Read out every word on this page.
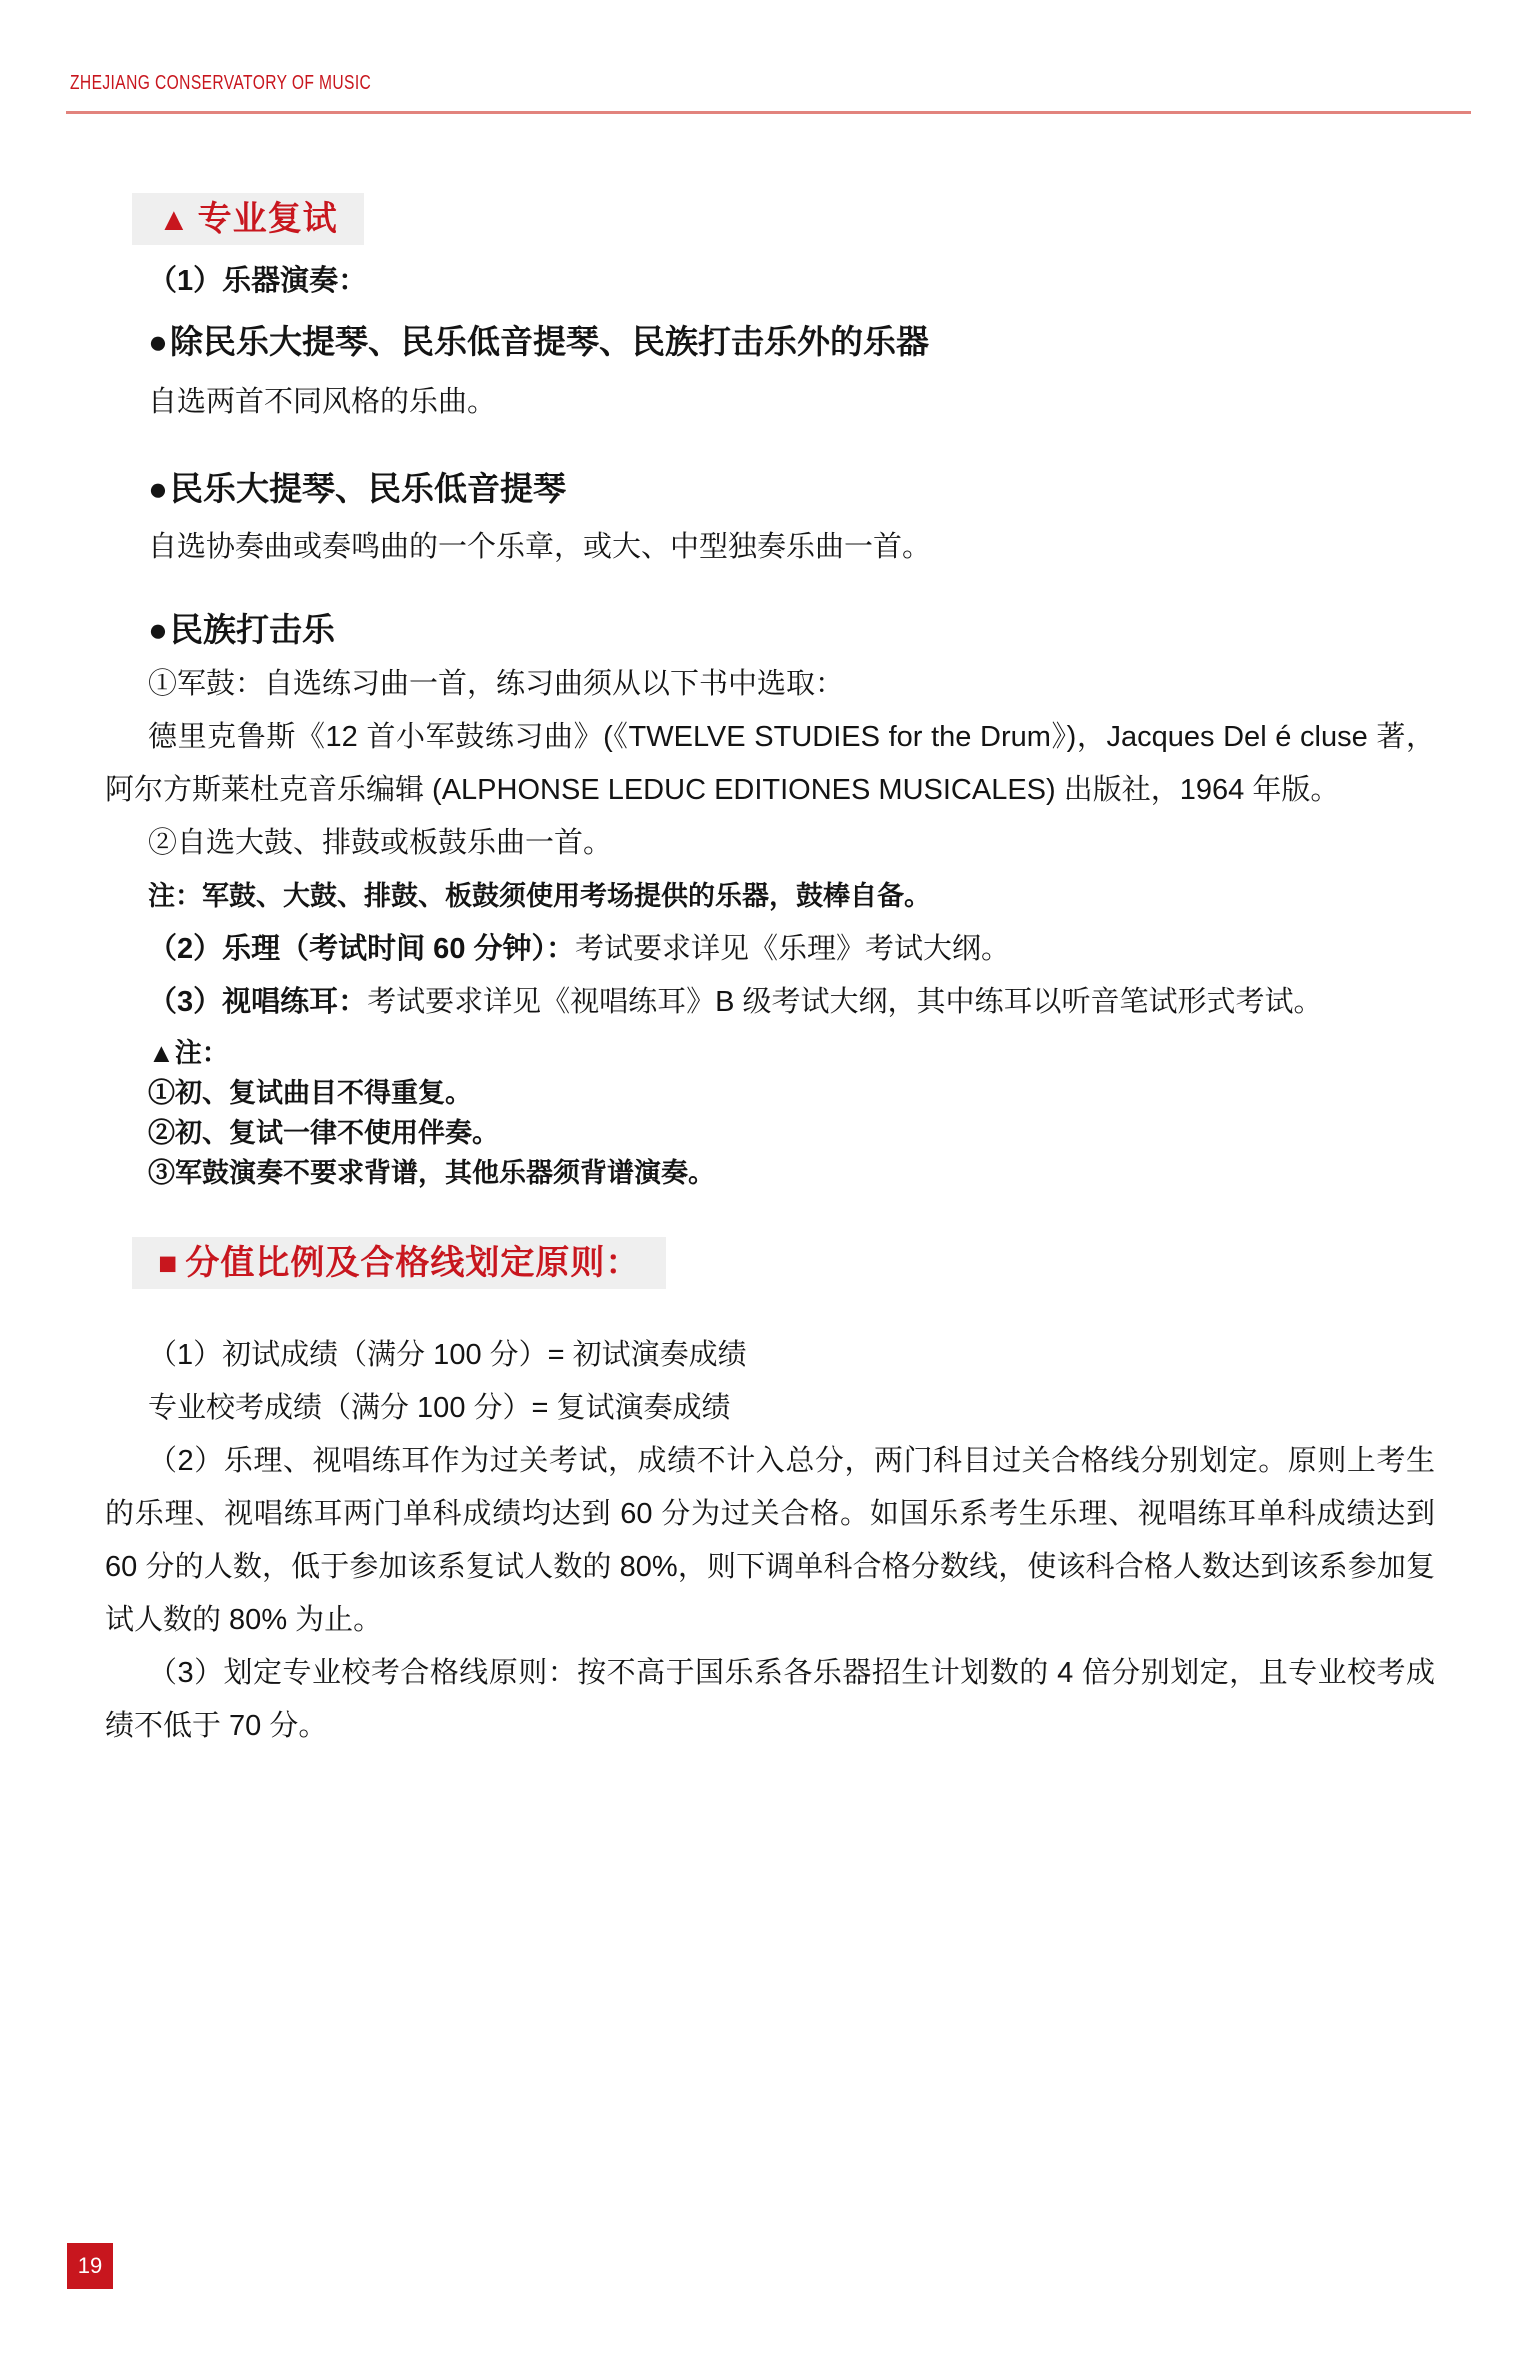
ZHEJIANG CONSERVATORY OF MUSIC
▲ 专业复试

（1）乐器演奏：

●除民乐大提琴、民乐低音提琴、民族打击乐外的乐器

自选两首不同风格的乐曲。

●民乐大提琴、民乐低音提琴

自选协奏曲或奏鸣曲的一个乐章，或大、中型独奏乐曲一首。

●民族打击乐

①军鼓：自选练习曲一首，练习曲须从以下书中选取：

德里克鲁斯《12 首小军鼓练习曲》(《TWELVE STUDIES for the Drum》)，Jacques Del é cluse 著，阿尔方斯莱杜克音乐编辑 (ALPHONSE LEDUC EDITIONES MUSICALES) 出版社，1964 年版。

②自选大鼓、排鼓或板鼓乐曲一首。

注：军鼓、大鼓、排鼓、板鼓须使用考场提供的乐器，鼓棒自备。

（2）乐理（考试时间 60 分钟）：考试要求详见《乐理》考试大纲。

（3）视唱练耳：考试要求详见《视唱练耳》B 级考试大纲，其中练耳以听音笔试形式考试。

▲注：

①初、复试曲目不得重复。

②初、复试一律不使用伴奏。

③军鼓演奏不要求背谱，其他乐器须背谱演奏。

■ 分值比例及合格线划定原则：

（1）初试成绩（满分 100 分）= 初试演奏成绩

专业校考成绩（满分 100 分）= 复试演奏成绩

（2）乐理、视唱练耳作为过关考试，成绩不计入总分，两门科目过关合格线分别划定。原则上考生的乐理、视唱练耳两门单科成绩均达到 60 分为过关合格。如国乐系考生乐理、视唱练耳单科成绩达到 60 分的人数，低于参加该系复试人数的 80%，则下调单科合格分数线，使该科合格人数达到该系参加复试人数的 80% 为止。

（3）划定专业校考合格线原则：按不高于国乐系各乐器招生计划数的 4 倍分别划定，且专业校考成绩不低于 70 分。

19
